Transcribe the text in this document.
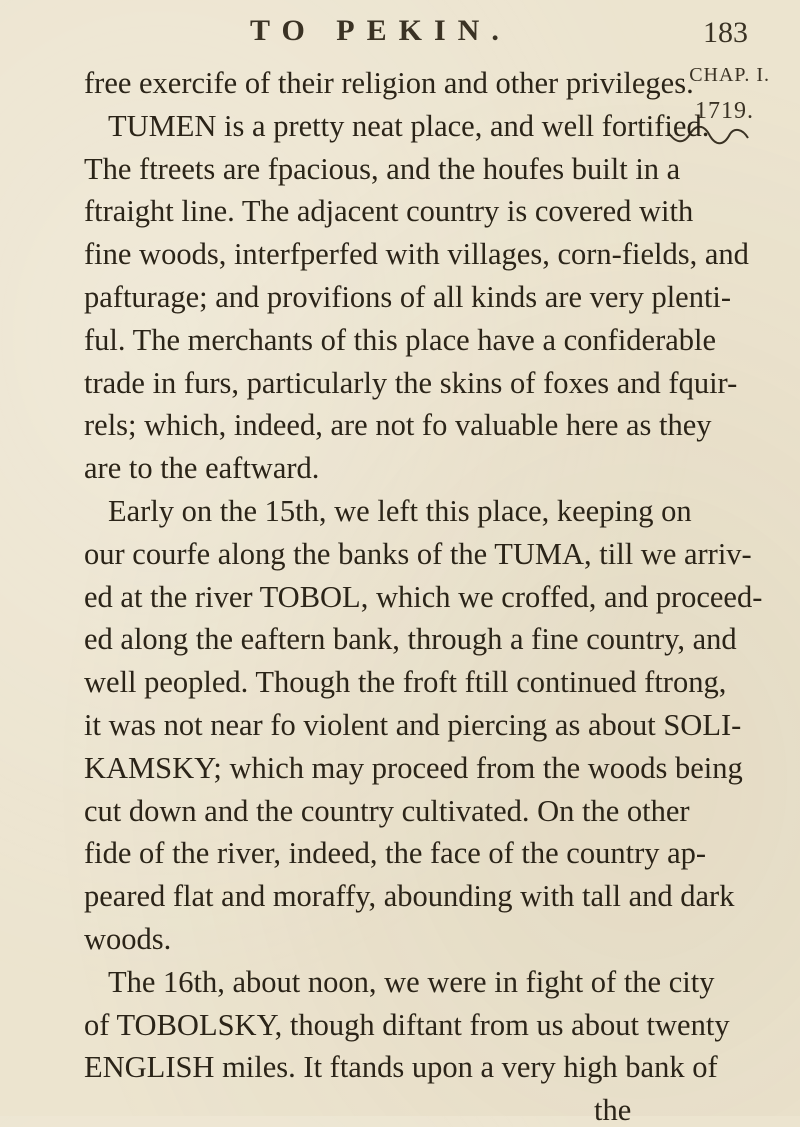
TO PEKIN.	183
CHAP. I.
1719.
free exercife of their religion and other privileges.
TUMEN is a pretty neat place, and well fortified.
The ftreets are fpacious, and the houfes built in a
ftraight line. The adjacent country is covered with
fine woods, interfperfed with villages, corn-fields, and
pafturage; and provifions of all kinds are very plenti-
ful. The merchants of this place have a confiderable
trade in furs, particularly the skins of foxes and fquir-
rels; which, indeed, are not fo valuable here as they
are to the eaftward.
Early on the 15th, we left this place, keeping on
our courfe along the banks of the TUMA, till we arriv-
ed at the river TOBOL, which we croffed, and proceed-
ed along the eaftern bank, through a fine country, and
well peopled. Though the froft ftill continued ftrong,
it was not near fo violent and piercing as about SOLI-
KAMSKY; which may proceed from the woods being
cut down and the country cultivated. On the other
fide of the river, indeed, the face of the country ap-
peared flat and moraffy, abounding with tall and dark
woods.
The 16th, about noon, we were in fight of the city
of TOBOLSKY, though diftant from us about twenty
ENGLISH miles. It ftands upon a very high bank of
the
